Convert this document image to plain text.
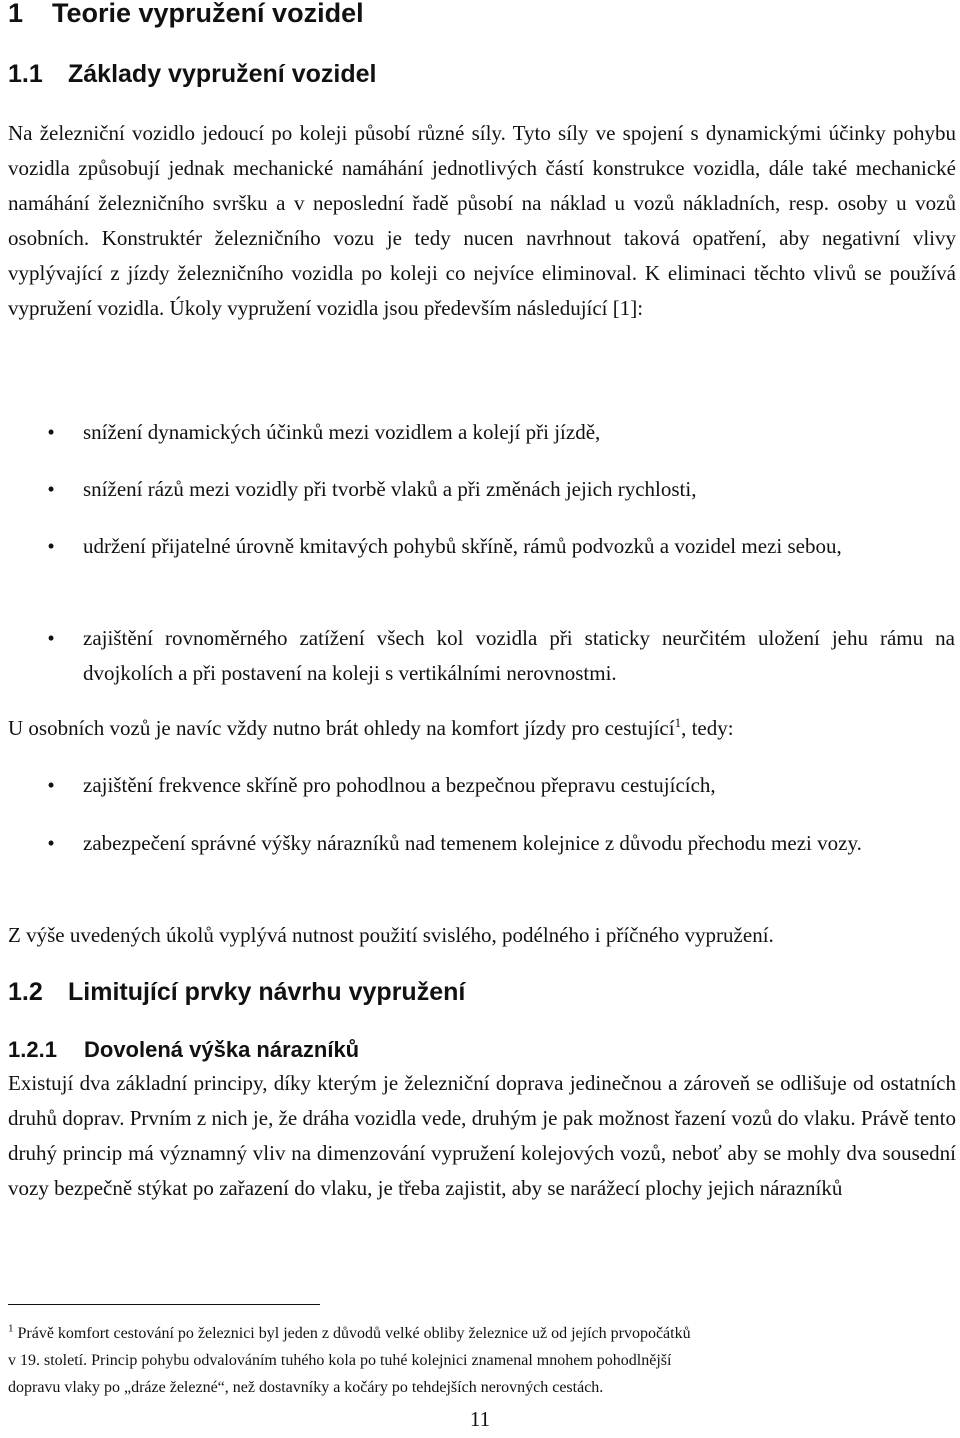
1 Teorie vypružení vozidel
1.1 Základy vypružení vozidel

Na železniční vozidlo jedoucí po koleji působí různé síly. Tyto síly ve spojení s dynamickými účinky pohybu vozidla způsobují jednak mechanické namáhání jednotlivých částí konstrukce vozidla, dále také mechanické namáhání železničního svršku a v neposlední řadě působí na náklad u vozů nákladních, resp. osoby u vozů osobních. Konstruktér železničního vozu je tedy nucen navrhnout taková opatření, aby negativní vlivy vyplývající z jízdy železničního vozidla po koleji co nejvíce eliminoval. K eliminaci těchto vlivů se používá vypružení vozidla. Úkoly vypružení vozidla jsou především následující [1]:

• snížení dynamických účinků mezi vozidlem a kolejí při jízdě,
• snížení rázů mezi vozidly při tvorbě vlaků a při změnách jejich rychlosti,
• udržení přijatelné úrovně kmitavých pohybů skříně, rámů podvozků a vozidel mezi sebou,
• zajištění rovnoměrného zatížení všech kol vozidla při staticky neurčitém uložení jehu rámu na dvojkolích a při postavení na koleji s vertikálními nerovnostmi.

U osobních vozů je navíc vždy nutno brát ohledy na komfort jízdy pro cestující$^1$, tedy:

• zajištění frekvence skříně pro pohodlnou a bezpečnou přepravu cestujících,
• zabezpečení správné výšky nárazníků nad temenem kolejnice z důvodu přechodu mezi vozy.

Z výše uvedených úkolů vyplývá nutnost použití svislého, podélného i příčného vypružení.

1.2 Limitující prvky návrhu vypružení
1.2.1 Dovolená výška nárazníků

Existují dva základní principy, díky kterým je železniční doprava jedinečnou a zároveň se odlišuje od ostatních druhů doprav. Prvním z nich je, že dráha vozidla vede, druhým je pak možnost řazení vozů do vlaku. Právě tento druhý princip má významný vliv na dimenzování vypružení kolejových vozů, neboť aby se mohly dva sousední vozy bezpečně stýkat po zařazení do vlaku, je třeba zajistit, aby se narážecí plochy jejich nárazníků

$^1$ Právě komfort cestování po železnici byl jeden z důvodů velké obliby železnice už od jejích prvopočátků
v 19. století. Princip pohybu odvalováním tuhého kola po tuhé kolejnici znamenal mnohem pohodlnější
dopravu vlaky po „dráze železné“, než dostavníky a kočáry po tehdejších nerovných cestách.
11
